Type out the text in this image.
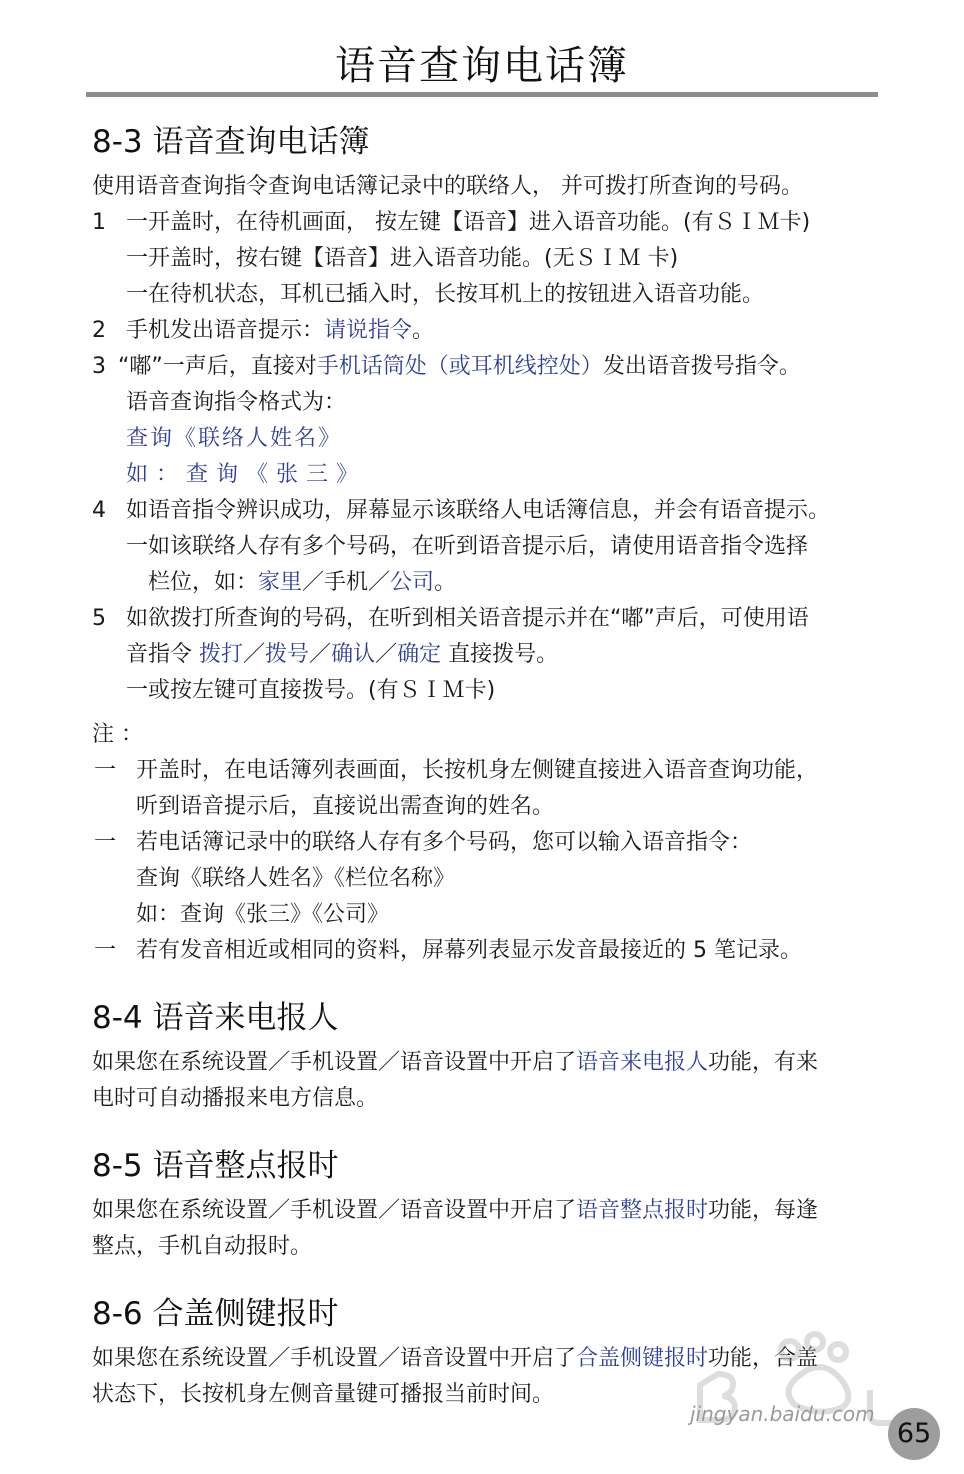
语音查询电话簿
8-3 语音查询电话簿
使用语音查询指令查询电话簿记录中的联络人， 并可拨打所查询的号码。
1 一开盖时，在待机画面， 按左键【语音】进入语音功能。(有ＳＩＭ卡)
一开盖时，按右键【语音】进入语音功能。(无ＳＩＭ 卡)
一在待机状态，耳机已插入时，长按耳机上的按钮进入语音功能。
2 手机发出语音提示：请说指令。
3 “嘟”一声后，直接对手机话筒处（或耳机线控处）发出语音拨号指令。
语音查询指令格式为：
查询《联络人姓名》
如：查询《张三》
4 如语音指令辨识成功，屏幕显示该联络人电话簿信息，并会有语音提示。
一如该联络人存有多个号码，在听到语音提示后，请使用语音指令选择
栏位，如：家里／手机／公司。
5 如欲拨打所查询的号码，在听到相关语音提示并在“嘟”声后，可使用语
音指令 拨打／拨号／确认／确定 直接拨号。
一或按左键可直接拨号。(有ＳＩＭ卡)
注 ：
一 开盖时，在电话簿列表画面，长按机身左侧键直接进入语音查询功能，
听到语音提示后，直接说出需查询的姓名。
一 若电话簿记录中的联络人存有多个号码，您可以输入语音指令：
查询《联络人姓名》《栏位名称》
如：查询《张三》《公司》
一 若有发音相近或相同的资料，屏幕列表显示发音最接近的 5 笔记录。
8-4 语音来电报人
如果您在系统设置／手机设置／语音设置中开启了语音来电报人功能，有来
电时可自动播报来电方信息。
8-5 语音整点报时
如果您在系统设置／手机设置／语音设置中开启了语音整点报时功能，每逢
整点，手机自动报时。
8-6 合盖侧键报时
如果您在系统设置／手机设置／语音设置中开启了合盖侧键报时功能，合盖
状态下，长按机身左侧音量键可播报当前时间。
jingyan.baidu.com
65
